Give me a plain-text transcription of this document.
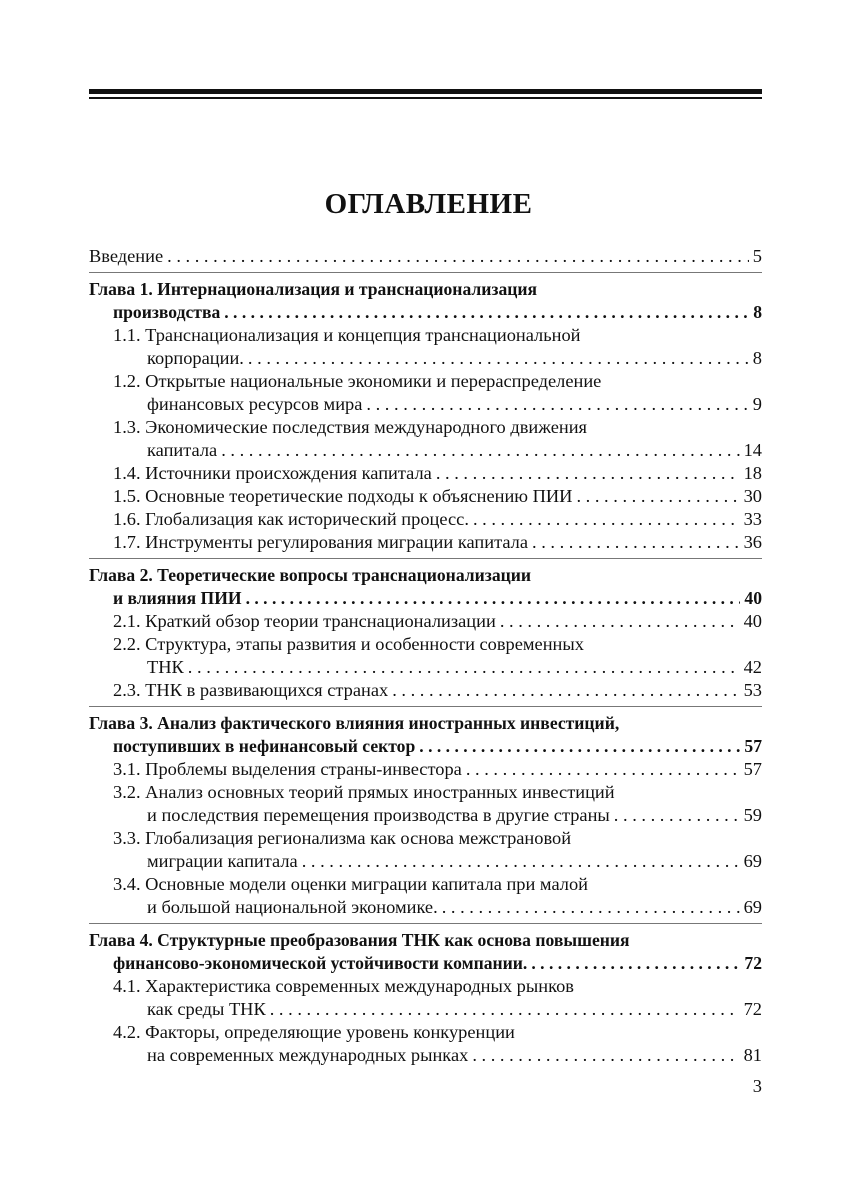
ОГЛАВЛЕНИЕ
Введение . . .	5
Глава 1. Интернационализация и транснационализация
производства . . .	8
1.1. Транснационализация и концепция транснациональной
корпорации. . . .	8
1.2. Открытые национальные экономики и перераспределение
финансовых ресурсов мира . . .	9
1.3. Экономические последствия международного движения
капитала . . .	14
1.4. Источники происхождения капитала . . .	18
1.5. Основные теоретические подходы к объяснению ПИИ . . .	30
1.6. Глобализация как исторический процесс. . . .	33
1.7. Инструменты регулирования миграции капитала . . .	36
Глава 2. Теоретические вопросы транснационализации
и влияния ПИИ . . .	40
2.1. Краткий обзор теории транснационализации . . .	40
2.2. Структура, этапы развития и особенности современных
ТНК . . .	42
2.3. ТНК в развивающихся странах . . .	53
Глава 3. Анализ фактического влияния иностранных инвестиций,
поступивших в нефинансовый сектор . . .	57
3.1. Проблемы выделения страны-инвестора . . .	57
3.2. Анализ основных теорий прямых иностранных инвестиций
и последствия перемещения производства в другие страны . . .	59
3.3. Глобализация регионализма как основа межстрановой
миграции капитала . . .	69
3.4. Основные модели оценки миграции капитала при малой
и большой национальной экономике. . . .	69
Глава 4. Структурные преобразования ТНК как основа повышения
финансово-экономической устойчивости компании. . . .	72
4.1. Характеристика современных международных рынков
как среды ТНК . . .	72
4.2. Факторы, определяющие уровень конкуренции
на современных международных рынках . . .	81
3
